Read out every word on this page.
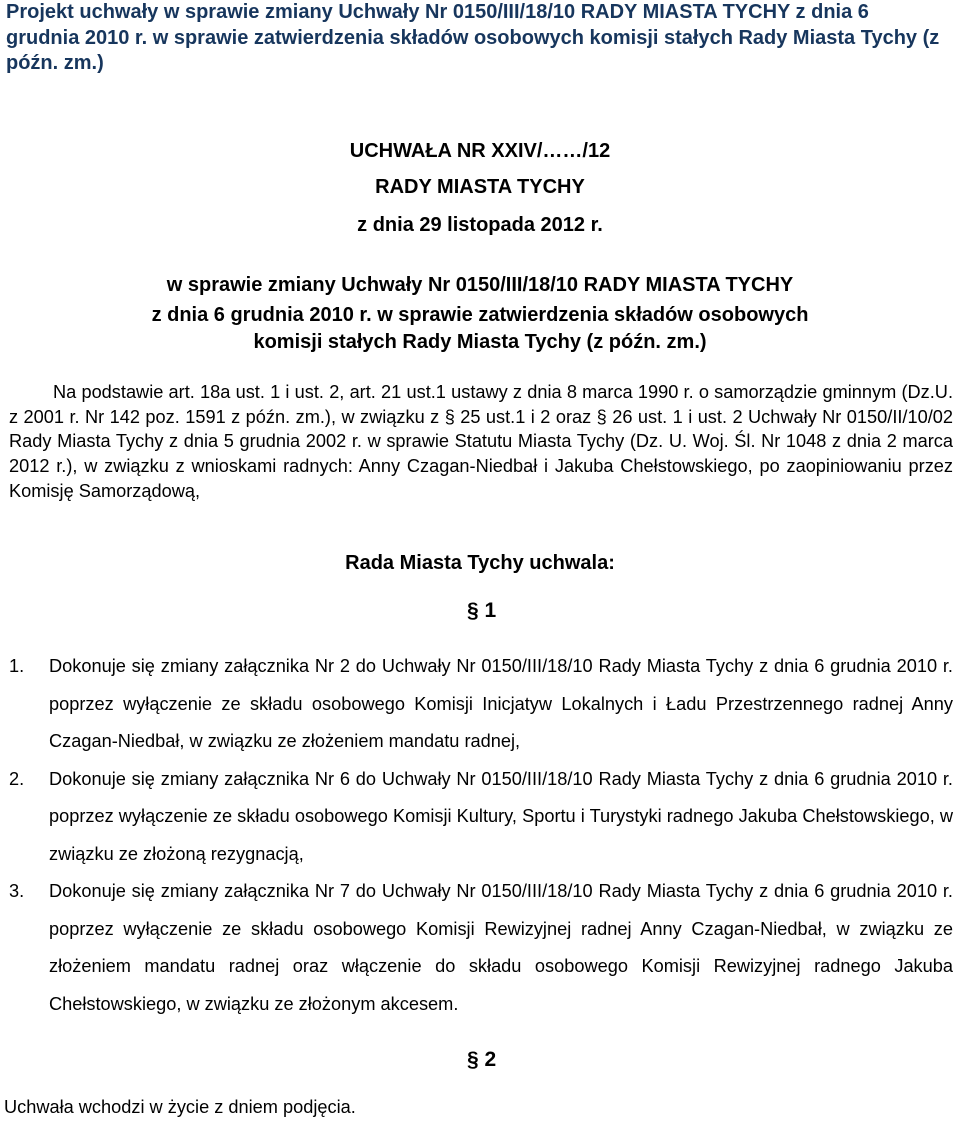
Projekt uchwały w sprawie zmiany Uchwały Nr 0150/III/18/10 RADY MIASTA TYCHY z dnia 6 grudnia 2010 r. w sprawie zatwierdzenia składów osobowych komisji stałych Rady Miasta Tychy (z późn. zm.)
UCHWAŁA NR XXIV/……/12
RADY MIASTA TYCHY
z dnia 29 listopada 2012 r.
w sprawie zmiany Uchwały Nr 0150/III/18/10 RADY MIASTA TYCHY
z dnia 6 grudnia 2010 r. w sprawie zatwierdzenia składów osobowych komisji stałych Rady Miasta Tychy (z późn. zm.)

Na podstawie art. 18a ust. 1 i ust. 2, art. 21 ust.1 ustawy z dnia 8 marca 1990 r. o samorządzie gminnym (Dz.U. z 2001 r. Nr 142 poz. 1591 z późn. zm.), w związku z § 25 ust.1 i 2 oraz § 26 ust. 1 i ust. 2 Uchwały Nr 0150/II/10/02 Rady Miasta Tychy z dnia 5 grudnia 2002 r. w sprawie Statutu Miasta Tychy (Dz. U. Woj. Śl. Nr 1048 z dnia 2 marca 2012 r.), w związku z wnioskami radnych: Anny Czagan-Niedbał i Jakuba Chełstowskiego, po zaopiniowaniu przez Komisję Samorządową,

Rada Miasta Tychy uchwala:
§ 1
1. Dokonuje się zmiany załącznika Nr 2 do Uchwały Nr 0150/III/18/10 Rady Miasta Tychy z dnia 6 grudnia 2010 r. poprzez wyłączenie ze składu osobowego Komisji Inicjatyw Lokalnych i Ładu Przestrzennego radnej Anny Czagan-Niedbał, w związku ze złożeniem mandatu radnej,
2. Dokonuje się zmiany załącznika Nr 6 do Uchwały Nr 0150/III/18/10 Rady Miasta Tychy z dnia 6 grudnia 2010 r. poprzez wyłączenie ze składu osobowego Komisji Kultury, Sportu i Turystyki radnego Jakuba Chełstowskiego, w związku ze złożoną rezygnacją,
3. Dokonuje się zmiany załącznika Nr 7 do Uchwały Nr 0150/III/18/10 Rady Miasta Tychy z dnia 6 grudnia 2010 r. poprzez wyłączenie ze składu osobowego Komisji Rewizyjnej radnej Anny Czagan-Niedbał, w związku ze złożeniem mandatu radnej oraz włączenie do składu osobowego Komisji Rewizyjnej radnego Jakuba Chełstowskiego, w związku ze złożonym akcesem.
§ 2
Uchwała wchodzi w życie z dniem podjęcia.
